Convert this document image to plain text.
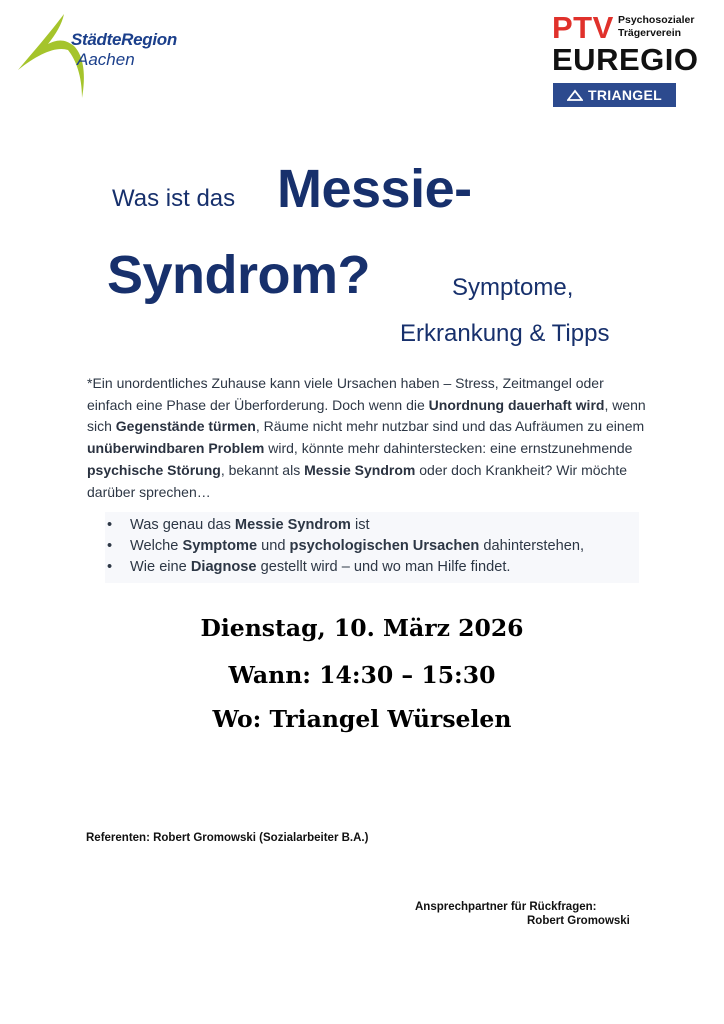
StädteRegion
Aachen
PTV Psychosozialer
Trägerverein
EUREGIO
TRIANGEL
Was ist das Messie-
Syndrom?	Symptome,
Erkrankung & Tipps
*Ein unordentliches Zuhause kann viele Ursachen haben – Stress, Zeitmangel oder einfach eine Phase der Überforderung. Doch wenn die Unordnung dauerhaft wird, wenn sich Gegenstände türmen, Räume nicht mehr nutzbar sind und das Aufräumen zu einem unüberwindbaren Problem wird, könnte mehr dahinterstecken: eine ernstzunehmende psychische Störung, bekannt als Messie Syndrom oder doch Krankheit? Wir möchte darüber sprechen…
• Was genau das Messie Syndrom ist
• Welche Symptome und psychologischen Ursachen dahinterstehen,
• Wie eine Diagnose gestellt wird – und wo man Hilfe findet.
Dienstag, 10. März 2026
Wann: 14:30 – 15:30
Wo: Triangel Würselen
Referenten: Robert Gromowski (Sozialarbeiter B.A.)
Ansprechpartner für Rückfragen:
Robert Gromowski
